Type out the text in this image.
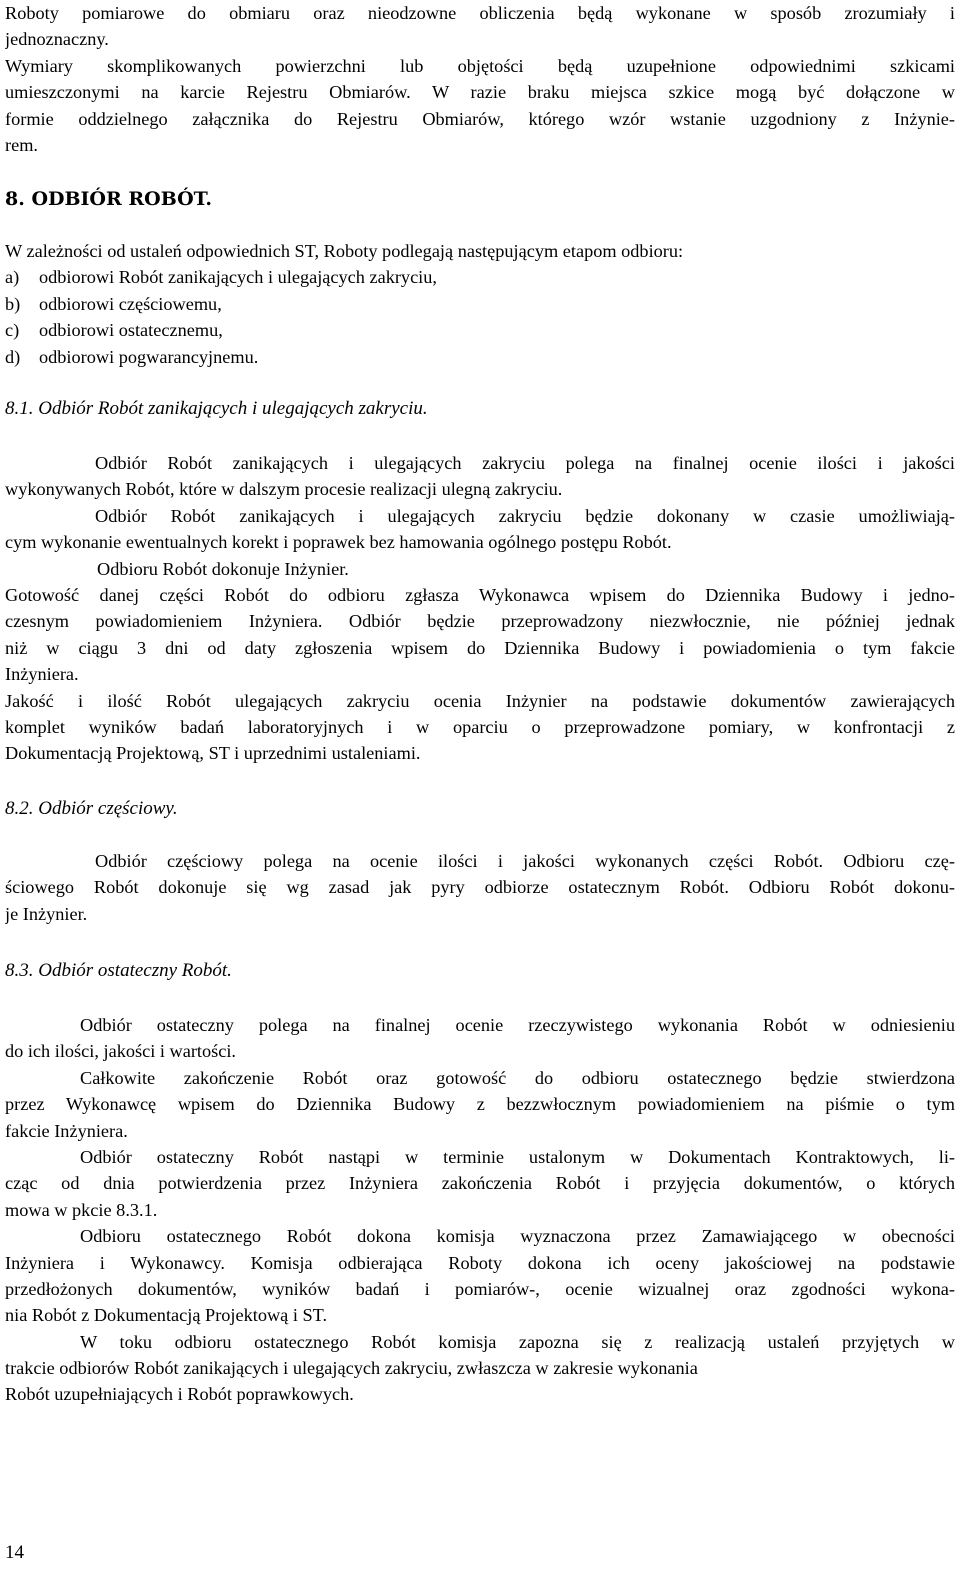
Roboty pomiarowe do obmiaru oraz nieodzowne obliczenia będą wykonane w sposób zrozumiały i
jednoznaczny.
Wymiary skomplikowanych powierzchni lub objętości będą uzupełnione odpowiednimi szkicami
umieszczonymi na karcie Rejestru Obmiarów. W razie braku miejsca szkice mogą być dołączone w
formie oddzielnego załącznika do Rejestru Obmiarów, którego wzór wstanie uzgodniony z Inżynie-
rem.
8. ODBIÓR ROBÓT.
W zależności od ustaleń odpowiednich ST, Roboty podlegają następującym etapom odbioru:
a)	odbiorowi Robót zanikających i ulegających zakryciu,
b)	odbiorowi częściowemu,
c)	odbiorowi ostatecznemu,
d)	odbiorowi pogwarancyjnemu.
8.1. Odbiór Robót zanikających i ulegających zakryciu.
Odbiór Robót zanikających i ulegających zakryciu polega na finalnej ocenie ilości i jakości
wykonywanych Robót, które w dalszym procesie realizacji ulegną zakryciu.
Odbiór Robót zanikających i ulegających zakryciu będzie dokonany w czasie umożliwiają-
cym wykonanie ewentualnych korekt i poprawek bez hamowania ogólnego postępu Robót.
Odbioru Robót dokonuje Inżynier.
Gotowość danej części Robót do odbioru zgłasza Wykonawca wpisem do Dziennika Budowy i jedno-
czesnym powiadomieniem Inżyniera. Odbiór będzie przeprowadzony niezwłocznie, nie później jednak
niż w ciągu 3 dni od daty zgłoszenia wpisem do Dziennika Budowy i powiadomienia o tym fakcie
Inżyniera.
Jakość i ilość Robót ulegających zakryciu ocenia Inżynier na podstawie dokumentów zawierających
komplet wyników badań laboratoryjnych i w oparciu o przeprowadzone pomiary, w konfrontacji z
Dokumentacją Projektową, ST i uprzednimi ustaleniami.
8.2. Odbiór częściowy.
Odbiór częściowy polega na ocenie ilości i jakości wykonanych części Robót. Odbioru czę-
ściowego Robót dokonuje się wg zasad jak pyry odbiorze ostatecznym Robót. Odbioru Robót dokonu-
je Inżynier.
8.3. Odbiór ostateczny Robót.
Odbiór ostateczny polega na finalnej ocenie rzeczywistego wykonania Robót w odniesieniu
do ich ilości, jakości i wartości.
Całkowite zakończenie Robót oraz gotowość do odbioru ostatecznego będzie stwierdzona
przez Wykonawcę wpisem do Dziennika Budowy z bezzwłocznym powiadomieniem na piśmie o tym
fakcie Inżyniera.
Odbiór ostateczny Robót nastąpi w terminie ustalonym w Dokumentach Kontraktowych, li-
cząc od dnia potwierdzenia przez Inżyniera zakończenia Robót i przyjęcia dokumentów, o których
mowa w pkcie 8.3.1.
Odbioru ostatecznego Robót dokona komisja wyznaczona przez Zamawiającego w obecności
Inżyniera i Wykonawcy. Komisja odbierająca Roboty dokona ich oceny jakościowej na podstawie
przedłożonych dokumentów, wyników badań i pomiarów-, ocenie wizualnej oraz zgodności wykona-
nia Robót z Dokumentacją Projektową i ST.
W toku odbioru ostatecznego Robót komisja zapozna się z realizacją ustaleń przyjętych w
trakcie odbiorów Robót zanikających i ulegających zakryciu, zwłaszcza w zakresie wykonania
Robót uzupełniających i Robót poprawkowych.
14
